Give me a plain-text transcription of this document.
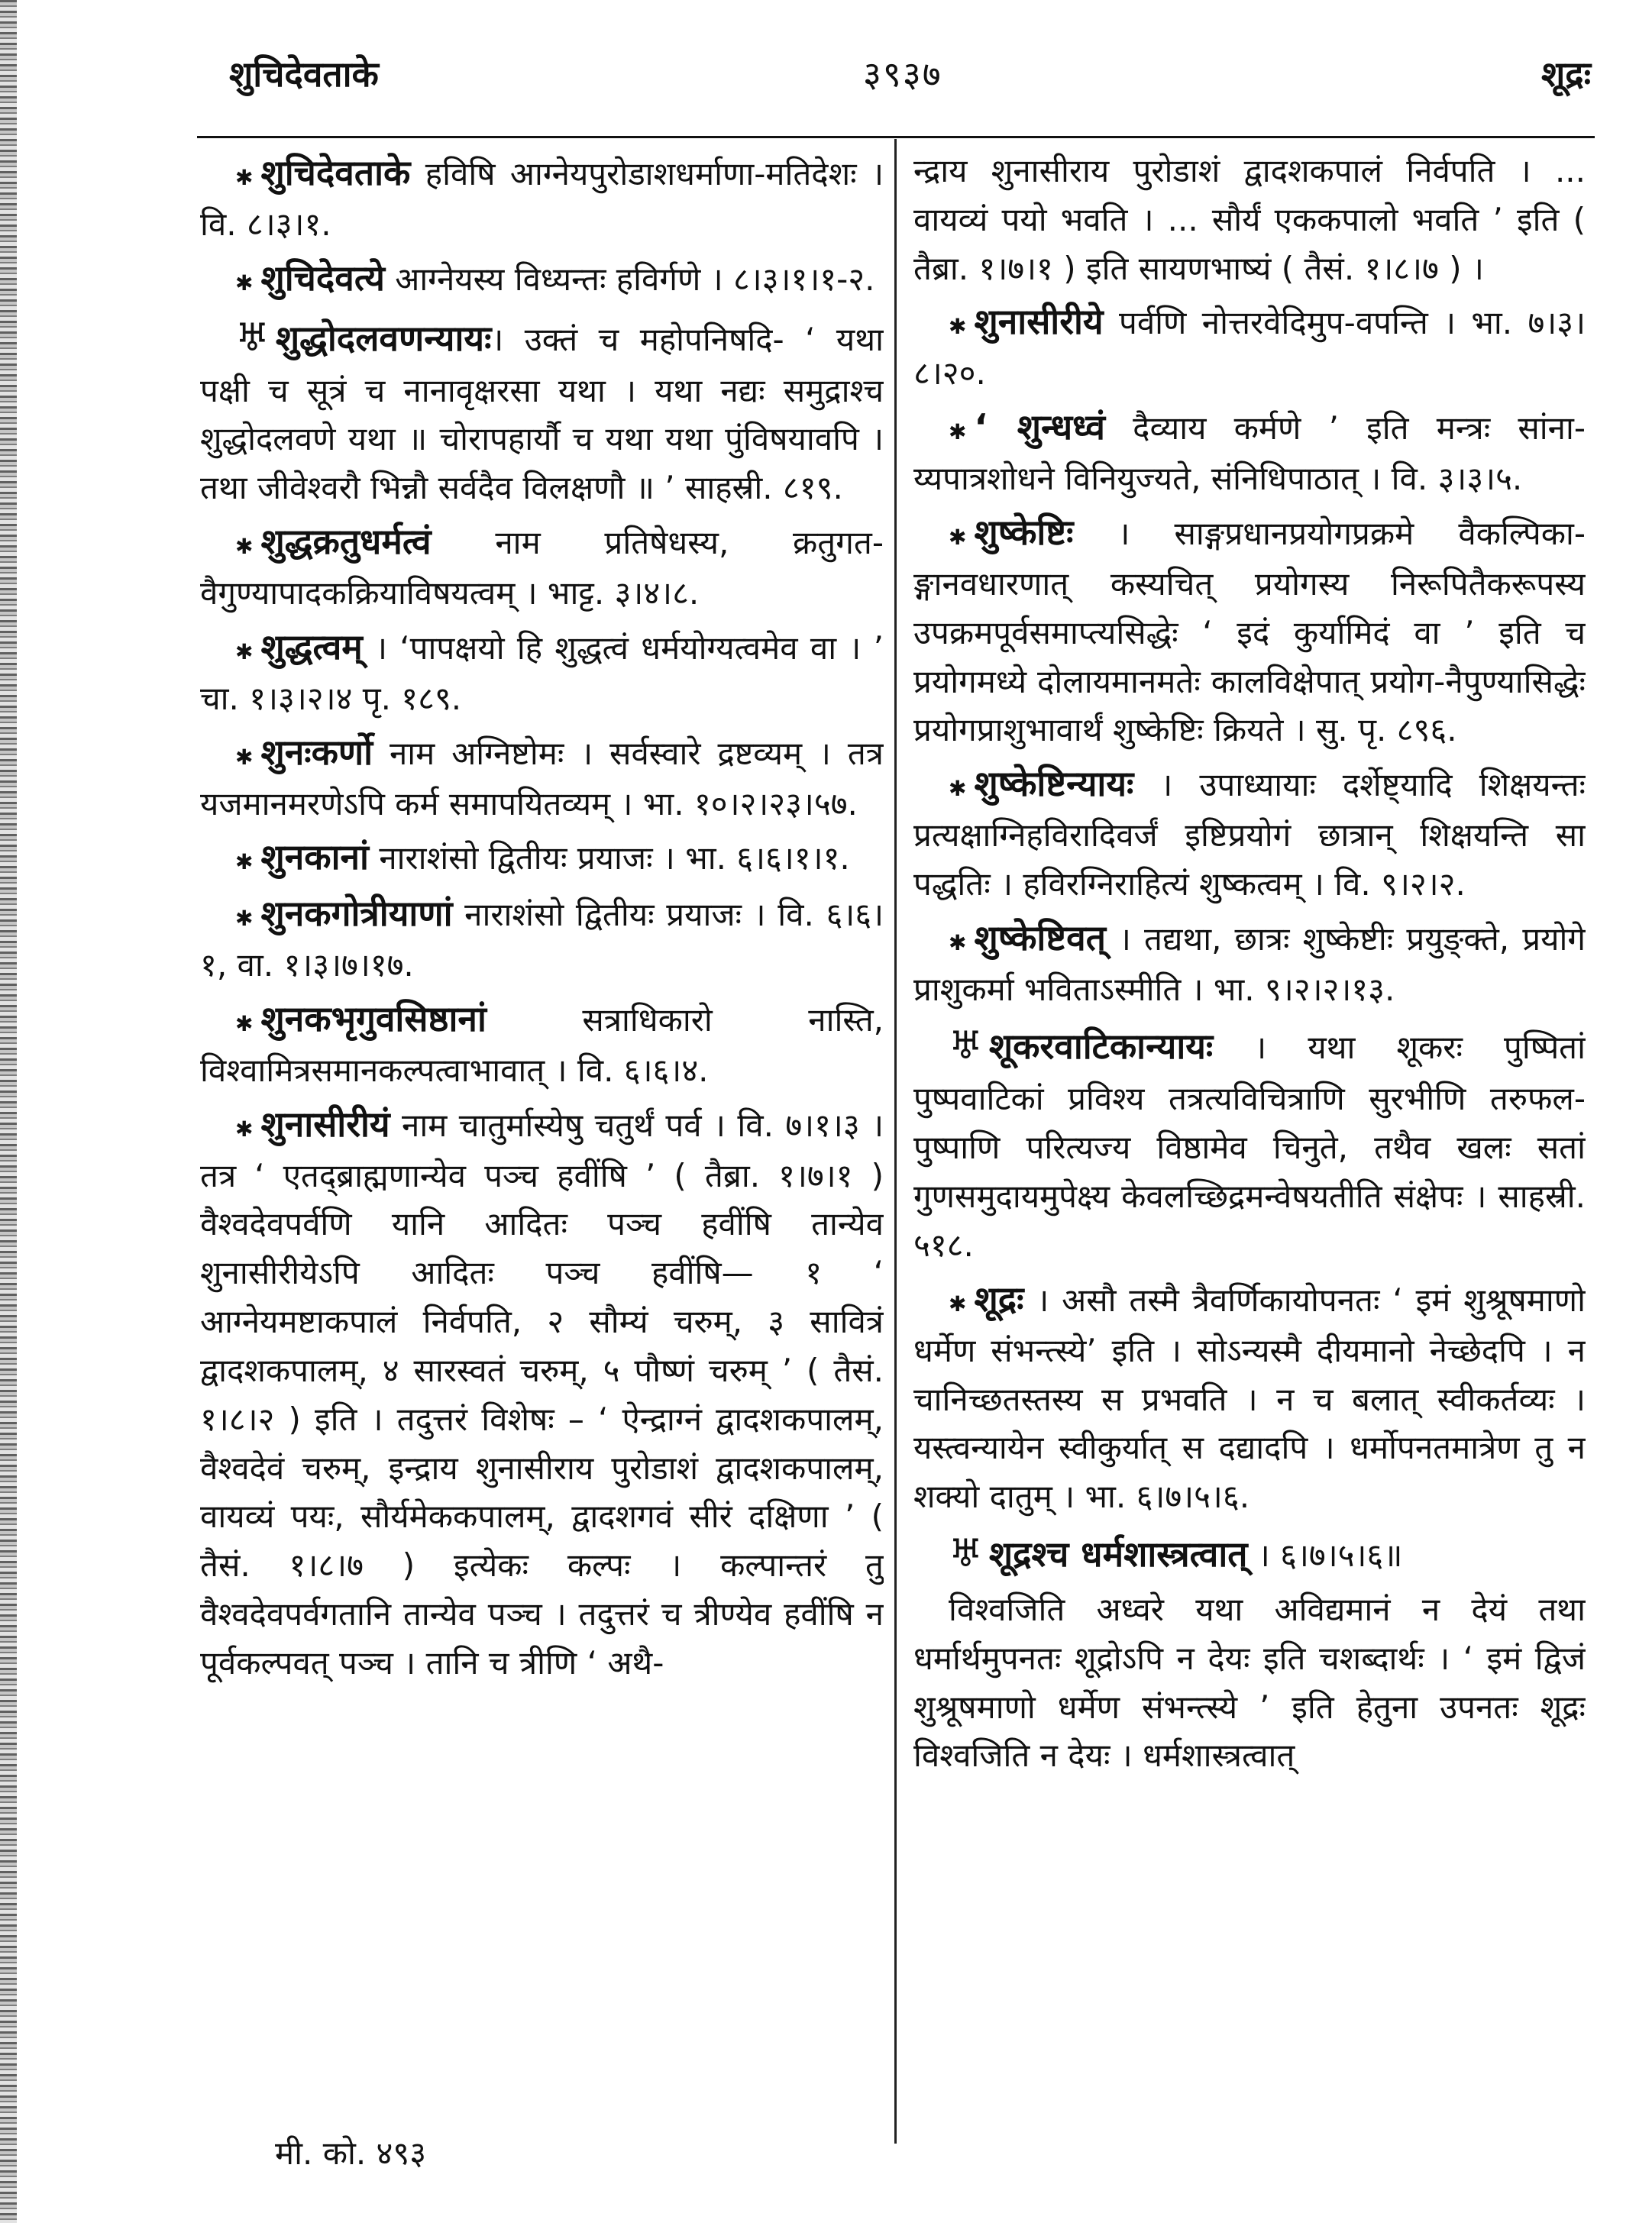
शुचिदेवताके	३९३७	शूद्रः

✱ शुचिदेवताके हविषि आग्नेयपुरोडाशधर्माणा-मतिदेशः । वि. ८।३।१.

✱ शुचिदेवत्ये आग्नेयस्य विध्यन्तः हविर्गणे । ८।३।१।१-२.

♅ शुद्धोदलवणन्यायः। उक्तं च महोपनिषदि- ‘ यथा पक्षी च सूत्रं च नानावृक्षरसा यथा । यथा नद्यः समुद्राश्च शुद्धोदलवणे यथा ॥ चोरापहार्यौ च यथा यथा पुंविषयावपि । तथा जीवेश्वरौ भिन्नौ सर्वदैव विलक्षणौ ॥ ’ साहस्री. ८१९.

✱ शुद्धक्रतुधर्मत्वं नाम प्रतिषेधस्य, क्रतुगत-वैगुण्यापादकक्रियाविषयत्वम् । भाट्ट. ३।४।८.

✱ शुद्धत्वम् । ‘पापक्षयो हि शुद्धत्वं धर्मयोग्यत्वमेव वा । ’ चा. १।३।२।४ पृ. १८९.

✱ शुनःकर्णो नाम अग्निष्टोमः । सर्वस्वारे द्रष्टव्यम् । तत्र यजमानमरणेऽपि कर्म समापयितव्यम् । भा. १०।२।२३।५७.

✱ शुनकानां नाराशंसो द्वितीयः प्रयाजः । भा. ६।६।१।१.

✱ शुनकगोत्रीयाणां नाराशंसो द्वितीयः प्रयाजः । वि. ६।६।१, वा. १।३।७।१७.

✱ शुनकभृगुवसिष्ठानां सत्राधिकारो नास्ति, विश्वामित्रसमानकल्पत्वाभावात् । वि. ६।६।४.

✱ शुनासीरीयं नाम चातुर्मास्येषु चतुर्थं पर्व । वि. ७।१।३ । तत्र ‘ एतद्ब्राह्मणान्येव पञ्च हवींषि ’ ( तैब्रा. १।७।१ ) वैश्वदेवपर्वणि यानि आदितः पञ्च हवींषि तान्येव शुनासीरीयेऽपि आदितः पञ्च हवींषि— १ ‘ आग्नेयमष्टाकपालं निर्वपति, २ सौम्यं चरुम्, ३ सावित्रं द्वादशकपालम्, ४ सारस्वतं चरुम्, ५ पौष्णं चरुम् ’ ( तैसं. १।८।२ ) इति । तदुत्तरं विशेषः – ‘ ऐन्द्राग्नं द्वादशकपालम्, वैश्वदेवं चरुम्, इन्द्राय शुनासीराय पुरोडाशं द्वादशकपालम्, वायव्यं पयः, सौर्यमेककपालम्, द्वादशगवं सीरं दक्षिणा ’ ( तैसं. १।८।७ ) इत्येकः कल्पः । कल्पान्तरं तु वैश्वदेवपर्वगतानि तान्येव पञ्च । तदुत्तरं च त्रीण्येव हवींषि न पूर्वकल्पवत् पञ्च । तानि च त्रीणि ‘ अथै-

न्द्राय शुनासीराय पुरोडाशं द्वादशकपालं निर्वपति । ... वायव्यं पयो भवति । ... सौर्यं एककपालो भवति ’ इति ( तैब्रा. १।७।१ ) इति सायणभाष्यं ( तैसं. १।८।७ ) ।

✱ शुनासीरीये पर्वणि नोत्तरवेदिमुप-वपन्ति । भा. ७।३।८।२०.

✱ ‘ शुन्धध्वं दैव्याय कर्मणे ’ इति मन्त्रः सांना-य्यपात्रशोधने विनियुज्यते, संनिधिपाठात् । वि. ३।३।५.

✱ शुष्केष्टिः । साङ्गप्रधानप्रयोगप्रक्रमे वैकल्पिका-ङ्गानवधारणात् कस्यचित् प्रयोगस्य निरूपितैकरूपस्य उपक्रमपूर्वसमाप्त्यसिद्धेः ‘ इदं कुर्यामिदं वा ’ इति च प्रयोगमध्ये दोलायमानमतेः कालविक्षेपात् प्रयोग-नैपुण्यासिद्धेः प्रयोगप्राशुभावार्थं शुष्केष्टिः क्रियते । सु. पृ. ८९६.

✱ शुष्केष्टिन्यायः । उपाध्यायाः दर्शेष्ट्यादि शिक्षयन्तः प्रत्यक्षाग्निहविरादिवर्जं इष्टिप्रयोगं छात्रान् शिक्षयन्ति सा पद्धतिः । हविरग्निराहित्यं शुष्कत्वम् । वि. ९।२।२.

✱ शुष्केष्टिवत् । तद्यथा, छात्रः शुष्केष्टीः प्रयुङ्क्ते, प्रयोगे प्राशुकर्मा भविताऽस्मीति । भा. ९।२।२।१३.

♅ शूकरवाटिकान्यायः । यथा शूकरः पुष्पितां पुष्पवाटिकां प्रविश्य तत्रत्यविचित्राणि सुरभीणि तरुफल-पुष्पाणि परित्यज्य विष्ठामेव चिनुते, तथैव खलः सतां गुणसमुदायमुपेक्ष्य केवलच्छिद्रमन्वेषयतीति संक्षेपः । साहस्री. ५१८.

✱ शूद्रः । असौ तस्मै त्रैवर्णिकायोपनतः ‘ इमं शुश्रूषमाणो धर्मेण संभन्त्स्ये’ इति । सोऽन्यस्मै दीयमानो नेच्छेदपि । न चानिच्छतस्तस्य स प्रभवति । न च बलात् स्वीकर्तव्यः । यस्त्वन्यायेन स्वीकुर्यात् स दद्यादपि । धर्मोपनतमात्रेण तु न शक्यो दातुम् । भा. ६।७।५।६.

♅ शूद्रश्च धर्मशास्त्रत्वात् । ६।७।५।६॥

विश्वजिति अध्वरे यथा अविद्यमानं न देयं तथा धर्मार्थमुपनतः शूद्रोऽपि न देयः इति चशब्दार्थः । ‘ इमं द्विजं शुश्रूषमाणो धर्मेण संभन्त्स्ये ’ इति हेतुना उपनतः शूद्रः विश्वजिति न देयः । धर्मशास्त्रत्वात्

मी. को. ४९३
